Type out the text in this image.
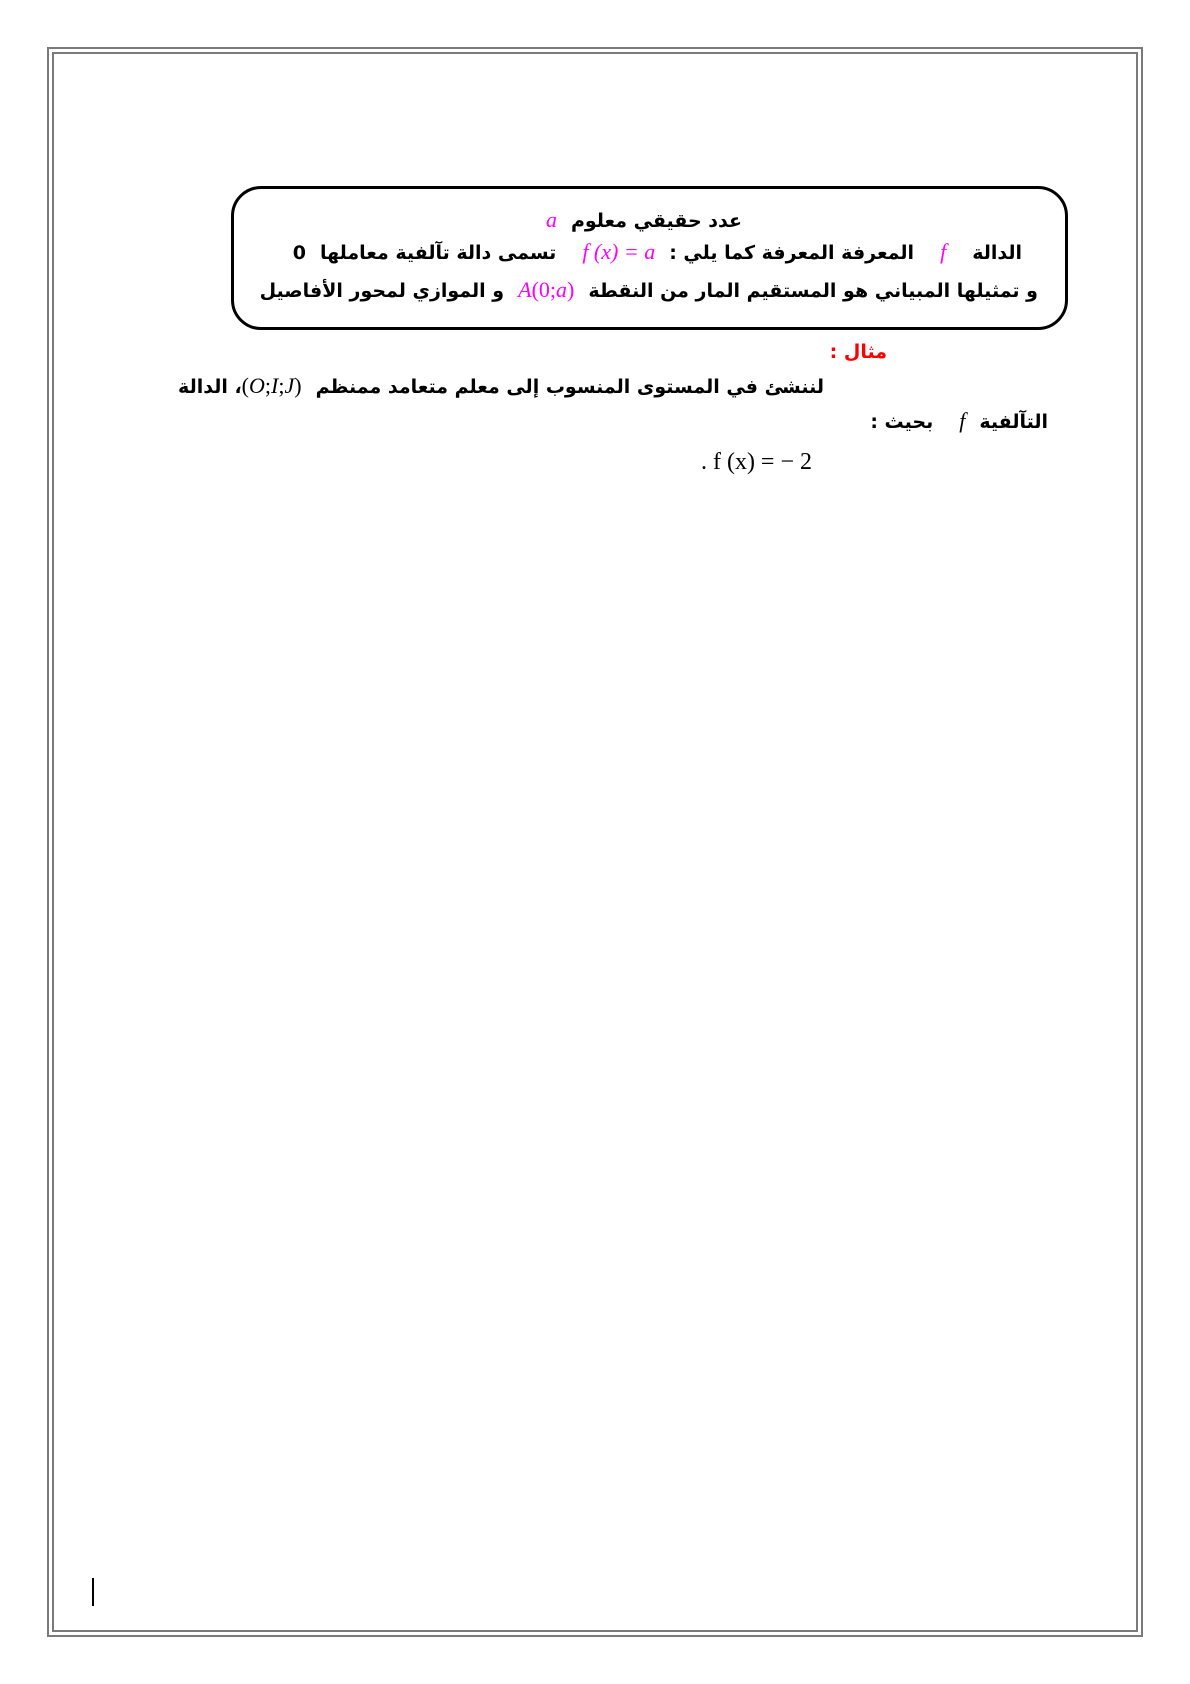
عدد حقيقي معلومa
الدالةfالمعرفة المعرفة كما يلي :f (x) = aتسمى دالة تآلفية معاملها0
و تمثيلها المبياني هو المستقيم المار من النقطةA(0;a)و الموازي لمحور الأفاصيل
مثال :
لننشئ في المستوى المنسوب إلى معلم متعامد ممنظم(O;I;J)، الدالة
التآلفيةfبحيث :
. f (x) = − 2
